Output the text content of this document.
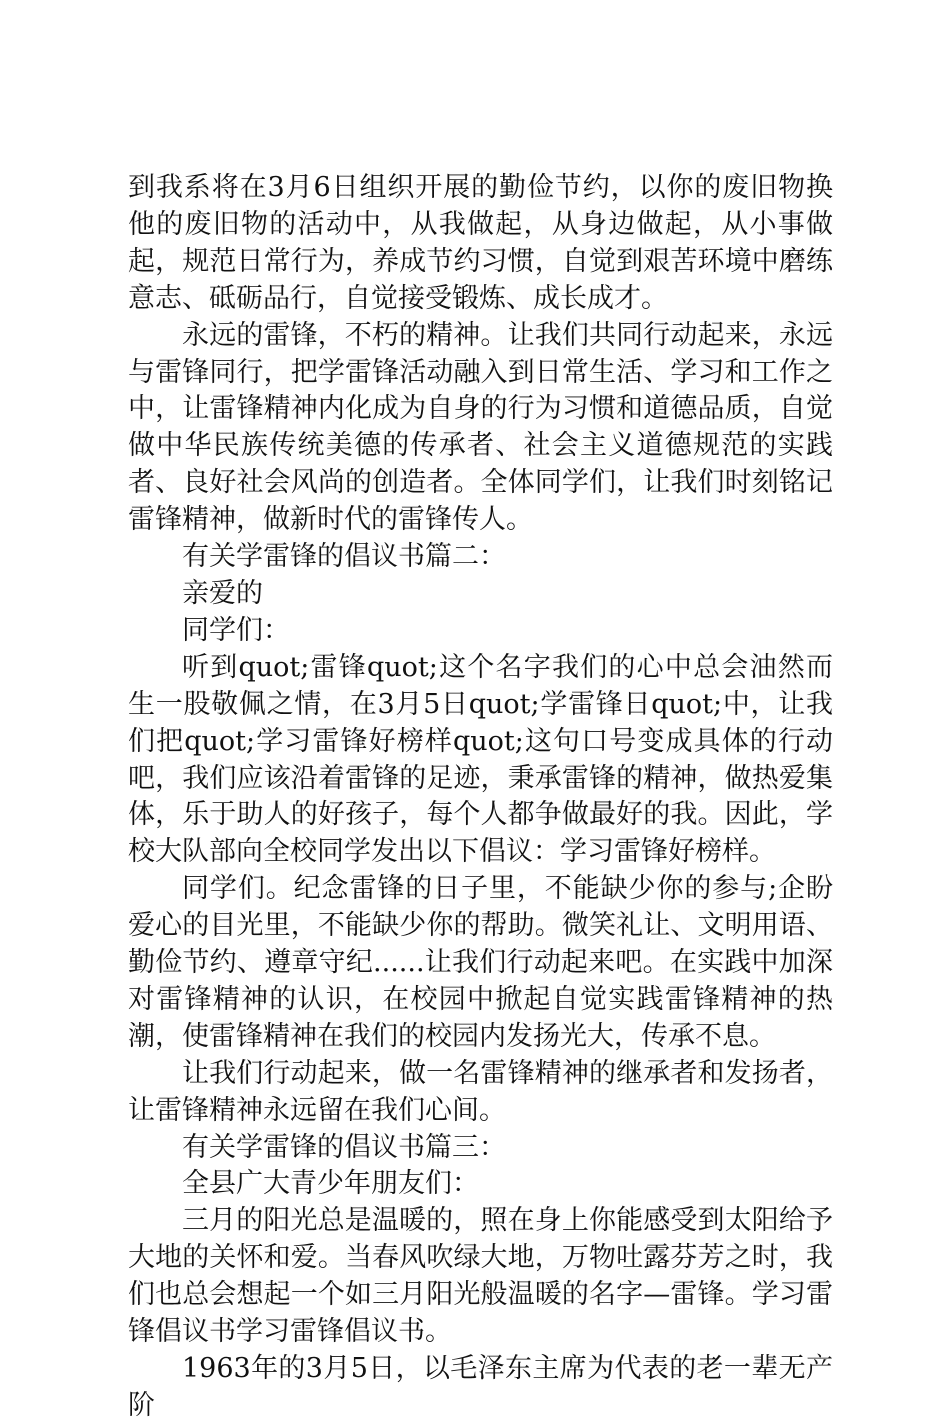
到我系将在3月6日组织开展的勤俭节约，以你的废旧物换他的废旧物的活动中，从我做起，从身边做起，从小事做起，规范日常行为，养成节约习惯，自觉到艰苦环境中磨练意志、砥砺品行，自觉接受锻炼、成长成才。

永远的雷锋，不朽的精神。让我们共同行动起来，永远与雷锋同行，把学雷锋活动融入到日常生活、学习和工作之中，让雷锋精神内化成为自身的行为习惯和道德品质，自觉做中华民族传统美德的传承者、社会主义道德规范的实践者、良好社会风尚的创造者。全体同学们，让我们时刻铭记雷锋精神，做新时代的雷锋传人。

有关学雷锋的倡议书篇二：

亲爱的

同学们：

听到quot;雷锋quot;这个名字我们的心中总会油然而生一股敬佩之情，在3月5日quot;学雷锋日quot;中，让我们把quot;学习雷锋好榜样quot;这句口号变成具体的行动吧，我们应该沿着雷锋的足迹，秉承雷锋的精神，做热爱集体，乐于助人的好孩子，每个人都争做最好的我。因此，学校大队部向全校同学发出以下倡议：学习雷锋好榜样。

同学们。纪念雷锋的日子里，不能缺少你的参与;企盼爱心的目光里，不能缺少你的帮助。微笑礼让、文明用语、勤俭节约、遵章守纪......让我们行动起来吧。在实践中加深对雷锋精神的认识，在校园中掀起自觉实践雷锋精神的热潮，使雷锋精神在我们的校园内发扬光大，传承不息。

让我们行动起来，做一名雷锋精神的继承者和发扬者，让雷锋精神永远留在我们心间。

有关学雷锋的倡议书篇三：

全县广大青少年朋友们：

三月的阳光总是温暖的，照在身上你能感受到太阳给予大地的关怀和爱。当春风吹绿大地，万物吐露芬芳之时，我们也总会想起一个如三月阳光般温暖的名字—雷锋。学习雷锋倡议书学习雷锋倡议书。

1963年的3月5日，以毛泽东主席为代表的老一辈无产阶
